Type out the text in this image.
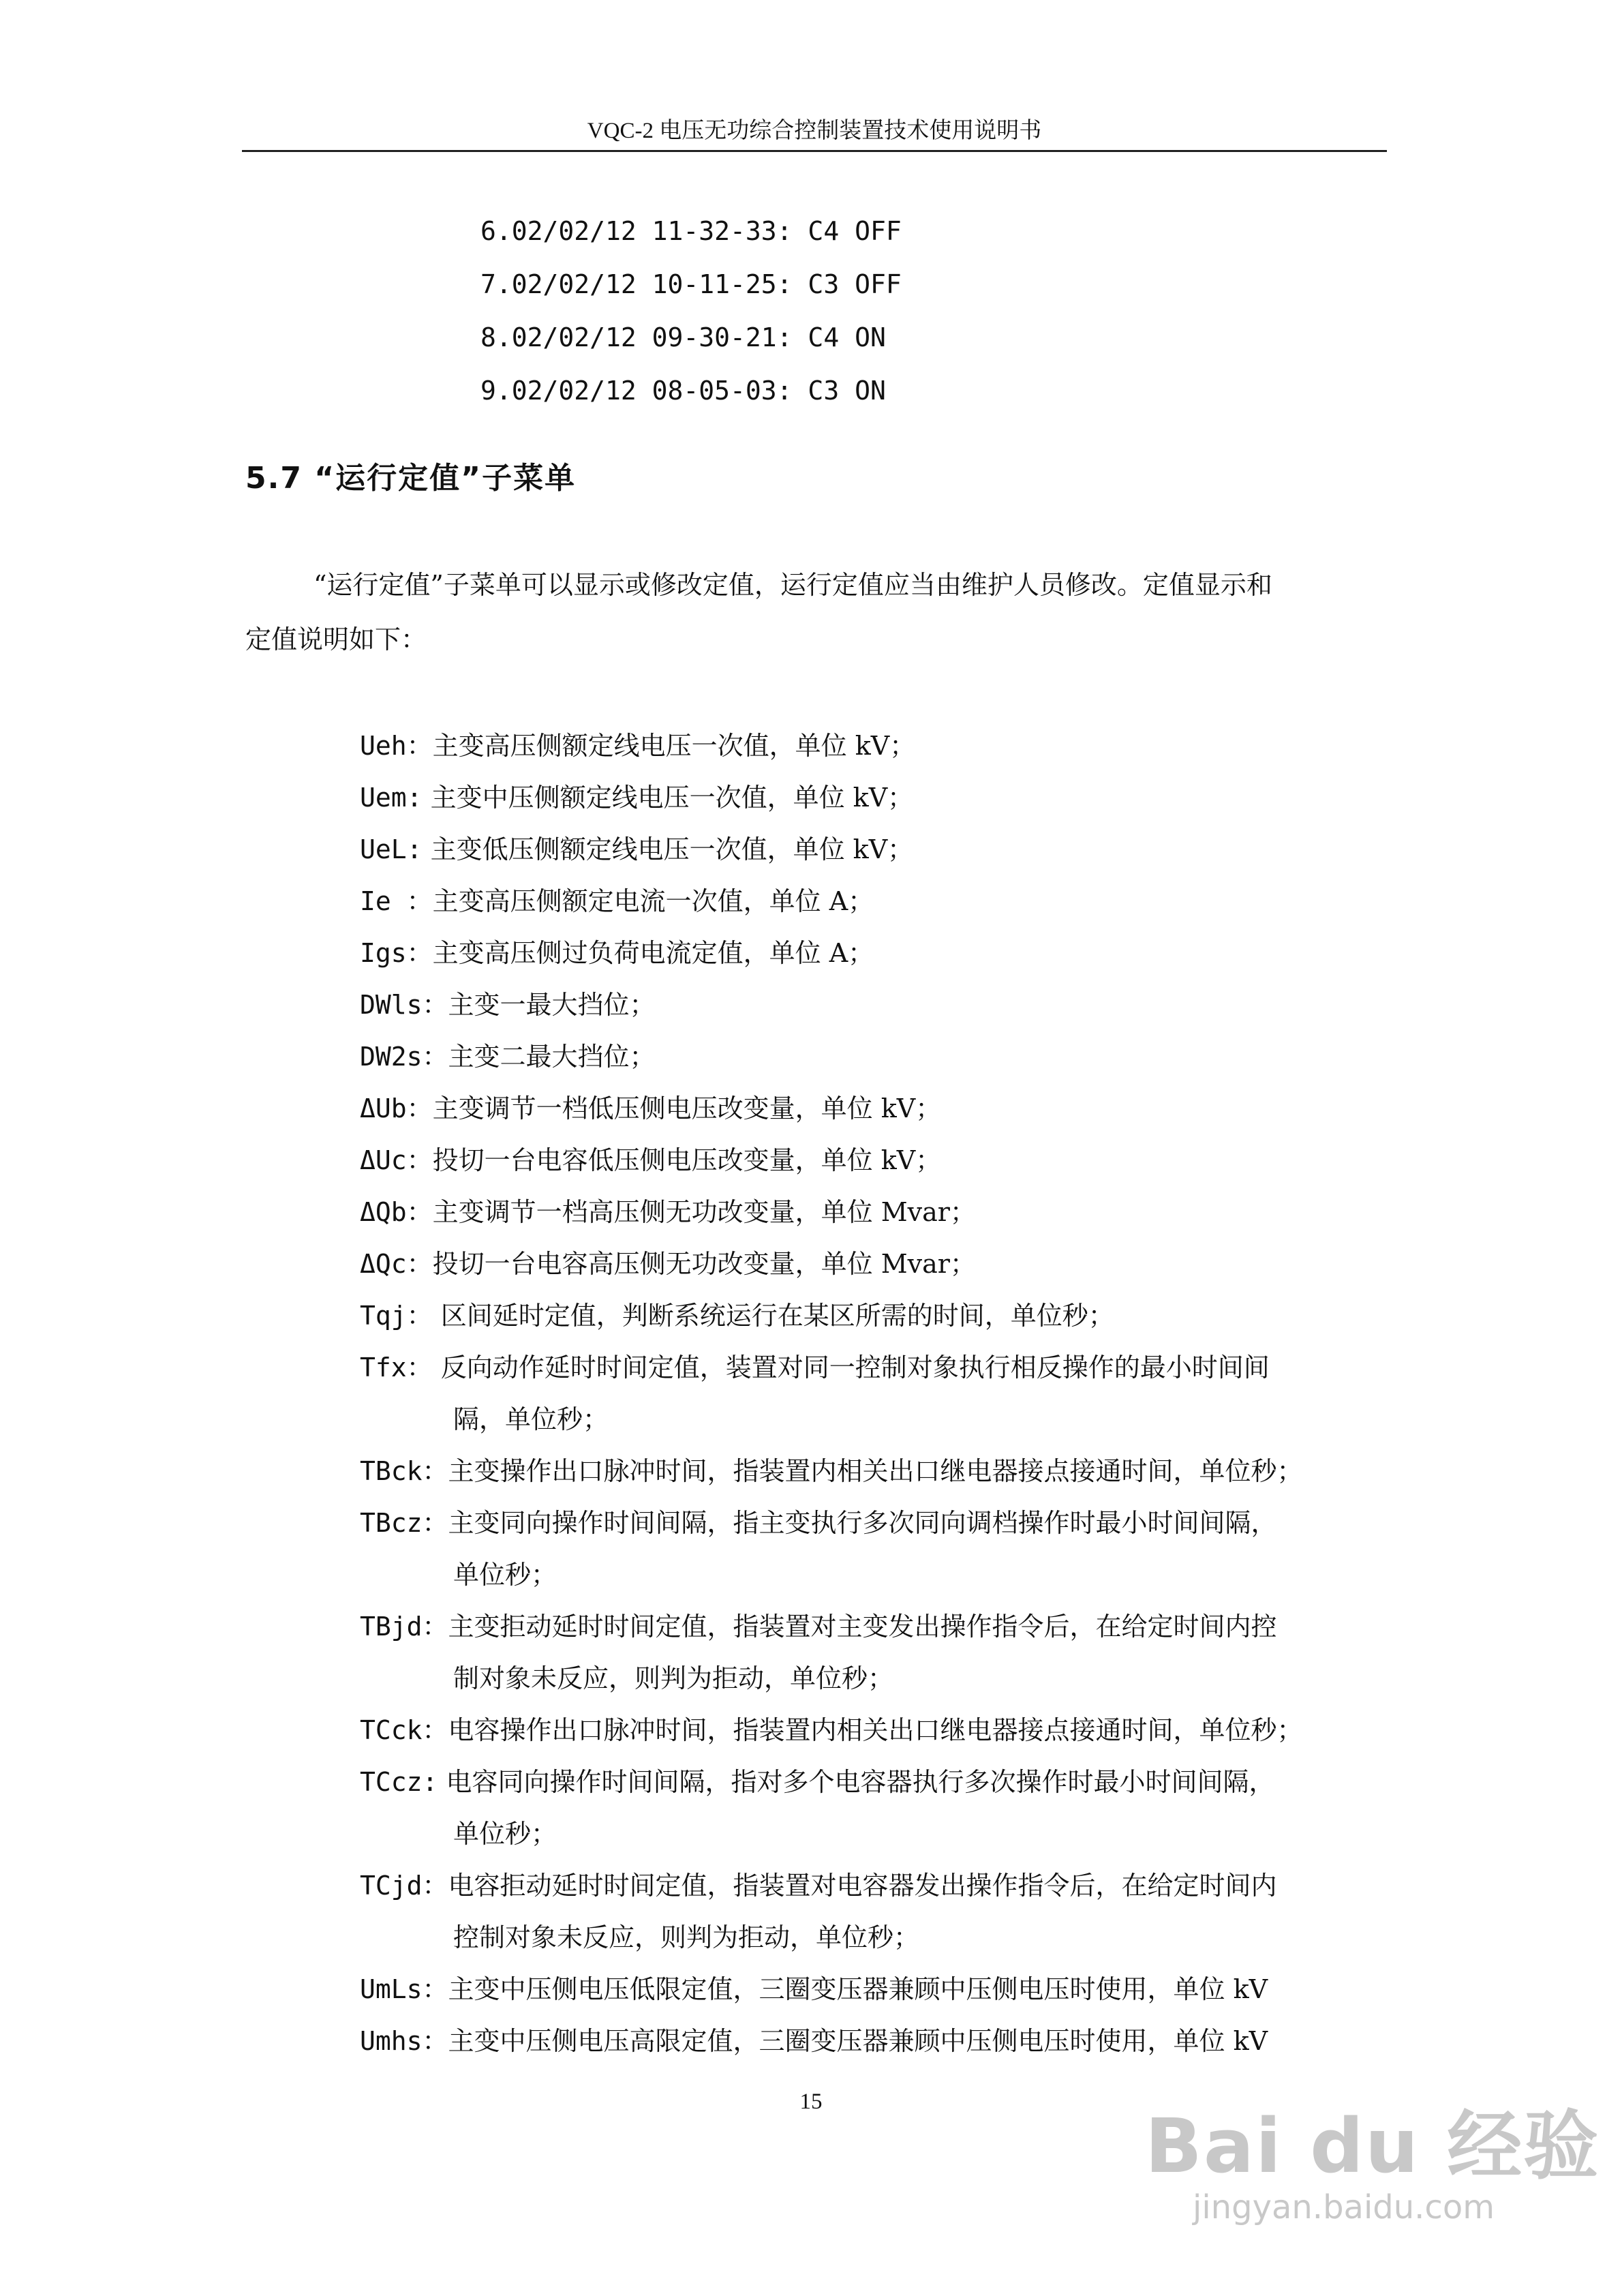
VQC-2 电压无功综合控制装置技术使用说明书
6.02/02/12 11-32-33: C4 OFF
7.02/02/12 10-11-25: C3 OFF
8.02/02/12 09-30-21: C4 ON
9.02/02/12 08-05-03: C3 ON
5.7 “运行定值”子菜单
“运行定值”子菜单可以显示或修改定值，运行定值应当由维护人员修改。定值显示和
定值说明如下：
Ueh：主变高压侧额定线电压一次值，单位 kV；
Uem: 主变中压侧额定线电压一次值，单位 kV；
UeL: 主变低压侧额定线电压一次值，单位 kV；
Ie ：主变高压侧额定电流一次值，单位 A；
Igs：主变高压侧过负荷电流定值，单位 A；
DWls：主变一最大挡位；
DW2s：主变二最大挡位；
ΔUb：主变调节一档低压侧电压改变量，单位 kV；
ΔUc：投切一台电容低压侧电压改变量，单位 kV；
ΔQb：主变调节一档高压侧无功改变量，单位 Mvar；
ΔQc：投切一台电容高压侧无功改变量，单位 Mvar；
Tqj： 区间延时定值，判断系统运行在某区所需的时间，单位秒；
Tfx： 反向动作延时时间定值，装置对同一控制对象执行相反操作的最小时间间
隔，单位秒；
TBck：主变操作出口脉冲时间，指装置内相关出口继电器接点接通时间，单位秒；
TBcz：主变同向操作时间间隔，指主变执行多次同向调档操作时最小时间间隔，
单位秒；
TBjd：主变拒动延时时间定值，指装置对主变发出操作指令后，在给定时间内控
制对象未反应，则判为拒动，单位秒；
TCck：电容操作出口脉冲时间，指装置内相关出口继电器接点接通时间，单位秒；
TCcz: 电容同向操作时间间隔，指对多个电容器执行多次操作时最小时间间隔，
单位秒；
TCjd：电容拒动延时时间定值，指装置对电容器发出操作指令后，在给定时间内
控制对象未反应，则判为拒动，单位秒；
UmLs：主变中压侧电压低限定值，三圈变压器兼顾中压侧电压时使用，单位 kV
Umhs：主变中压侧电压高限定值，三圈变压器兼顾中压侧电压时使用，单位 kV
15
Bai du 经验
jingyan.baidu.com
